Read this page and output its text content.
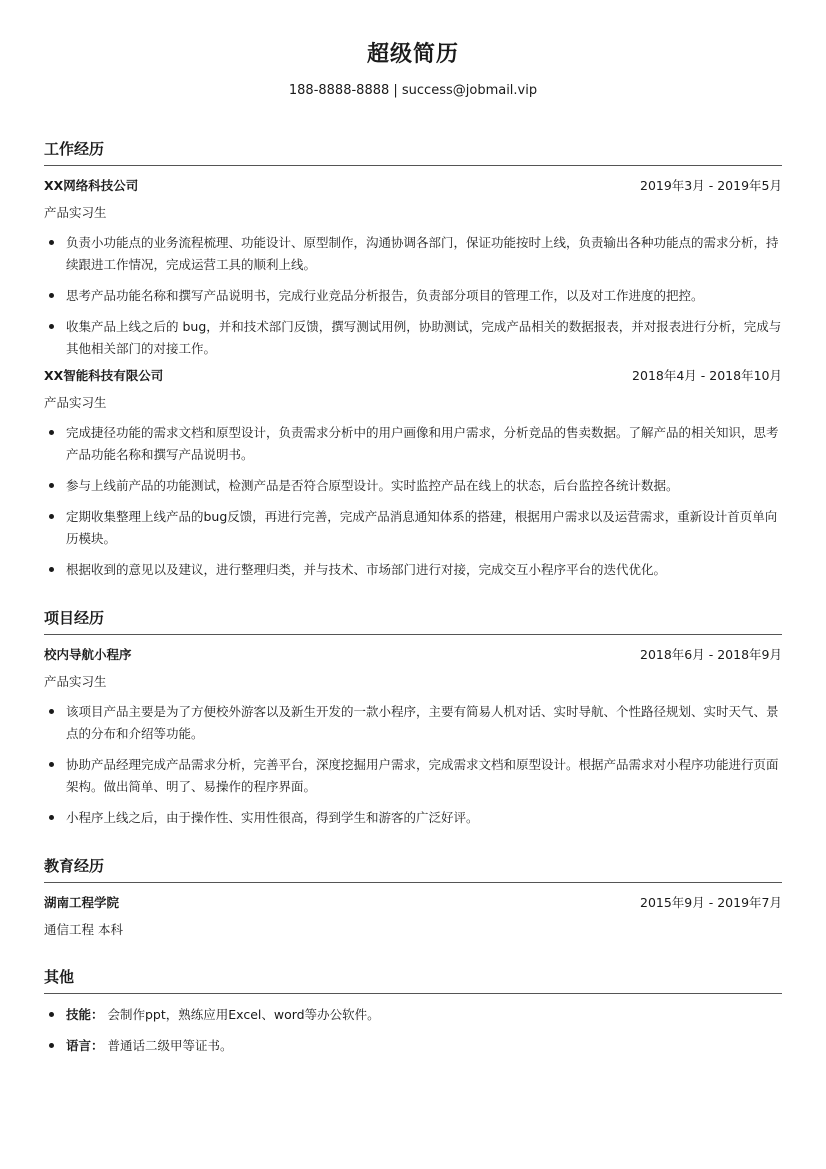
超级简历
188-8888-8888 | success@jobmail.vip
工作经历
XX网络科技公司	2019年3月 - 2019年5月
产品实习生
负责小功能点的业务流程梳理、功能设计、原型制作，沟通协调各部门，保证功能按时上线，负责输出各种功能点的需求分析，持续跟进工作情况，完成运营工具的顺利上线。
思考产品功能名称和撰写产品说明书，完成行业竞品分析报告，负责部分项目的管理工作，以及对工作进度的把控。
收集产品上线之后的 bug，并和技术部门反馈，撰写测试用例，协助测试，完成产品相关的数据报表，并对报表进行分析，完成与其他相关部门的对接工作。
XX智能科技有限公司	2018年4月 - 2018年10月
产品实习生
完成捷径功能的需求文档和原型设计，负责需求分析中的用户画像和用户需求，分析竞品的售卖数据。了解产品的相关知识，思考产品功能名称和撰写产品说明书。
参与上线前产品的功能测试，检测产品是否符合原型设计。实时监控产品在线上的状态，后台监控各统计数据。
定期收集整理上线产品的bug反馈，再进行完善，完成产品消息通知体系的搭建，根据用户需求以及运营需求，重新设计首页单向历模块。
根据收到的意见以及建议，进行整理归类，并与技术、市场部门进行对接，完成交互小程序平台的迭代优化。
项目经历
校内导航小程序	2018年6月 - 2018年9月
产品实习生
该项目产品主要是为了方便校外游客以及新生开发的一款小程序，主要有简易人机对话、实时导航、个性路径规划、实时天气、景点的分布和介绍等功能。
协助产品经理完成产品需求分析，完善平台，深度挖掘用户需求，完成需求文档和原型设计。根据产品需求对小程序功能进行页面架构。做出简单、明了、易操作的程序界面。
小程序上线之后，由于操作性、实用性很高，得到学生和游客的广泛好评。
教育经历
湖南工程学院	2015年9月 - 2019年7月
通信工程 本科
其他
技能： 会制作ppt，熟练应用Excel、word等办公软件。
语言： 普通话二级甲等证书。
